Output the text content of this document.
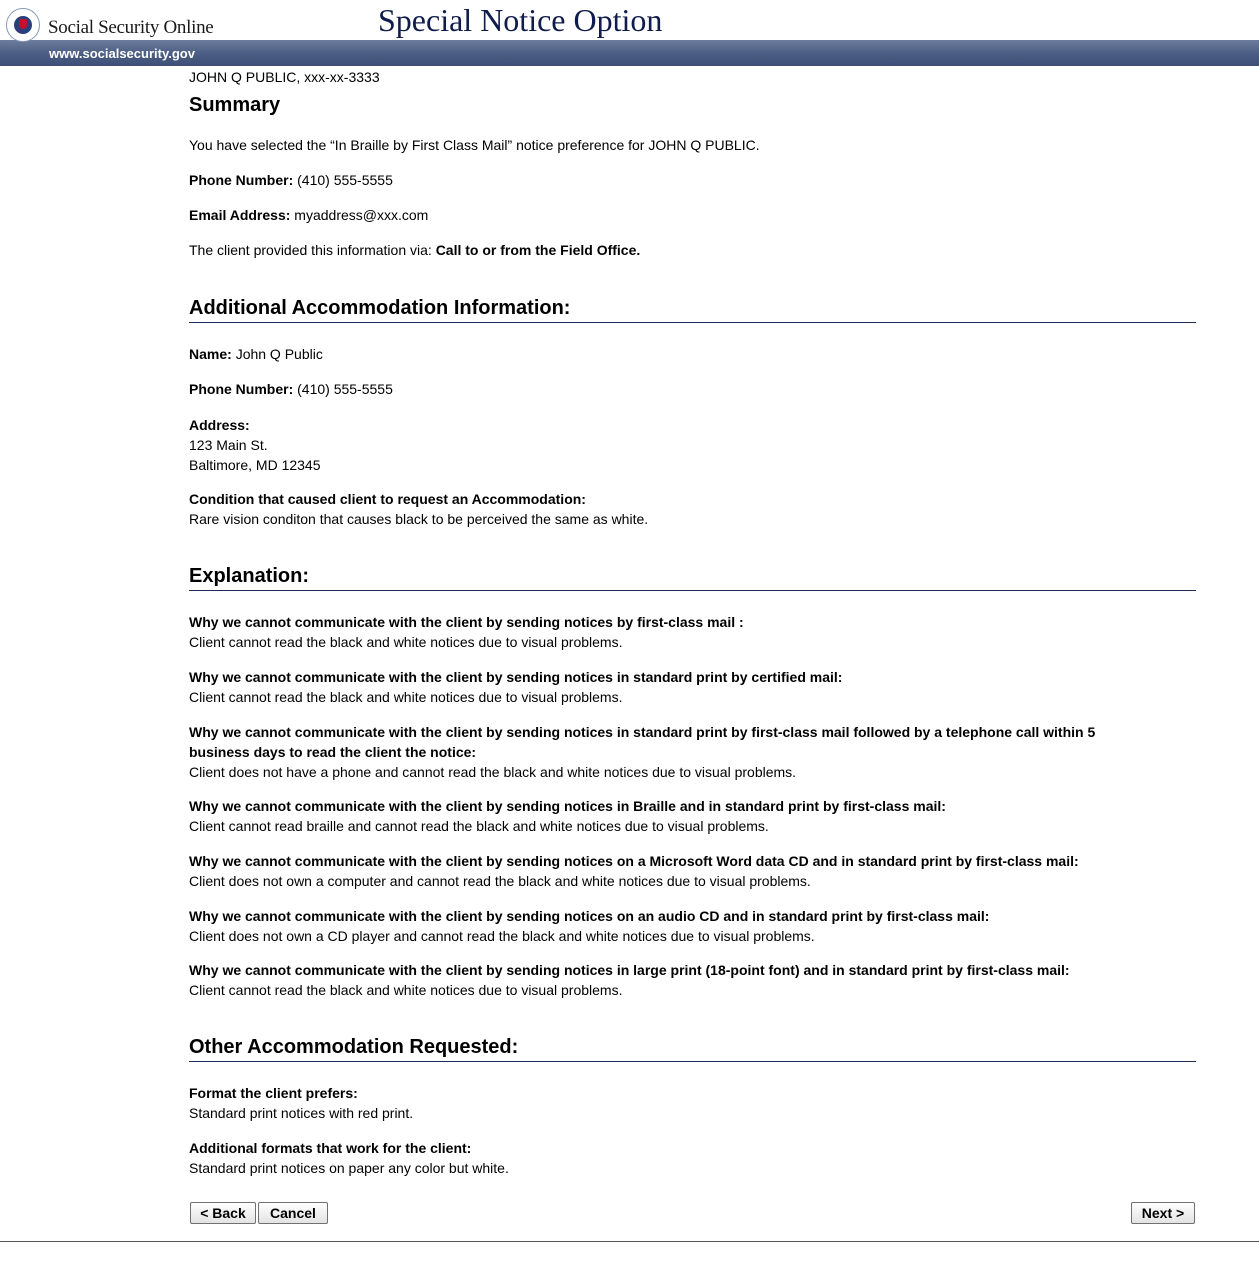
Social Security Online	Special Notice Option
www.socialsecurity.gov
JOHN Q PUBLIC, xxx-xx-3333
Summary
You have selected the “In Braille by First Class Mail” notice preference for JOHN Q PUBLIC.
Phone Number: (410) 555-5555
Email Address: myaddress@xxx.com
The client provided this information via: Call to or from the Field Office.
Additional Accommodation Information:
Name: John Q Public
Phone Number: (410) 555-5555
Address:
123 Main St.
Baltimore, MD 12345
Condition that caused client to request an Accommodation:
Rare vision conditon that causes black to be perceived the same as white.
Explanation:
Why we cannot communicate with the client by sending notices by first-class mail :
Client cannot read the black and white notices due to visual problems.
Why we cannot communicate with the client by sending notices in standard print by certified mail:
Client cannot read the black and white notices due to visual problems.
Why we cannot communicate with the client by sending notices in standard print by first-class mail followed by a telephone call within 5 business days to read the client the notice:
Client does not have a phone and cannot read the black and white notices due to visual problems.
Why we cannot communicate with the client by sending notices in Braille and in standard print by first-class mail:
Client cannot read braille and cannot read the black and white notices due to visual problems.
Why we cannot communicate with the client by sending notices on a Microsoft Word data CD and in standard print by first-class mail:
Client does not own a computer and cannot read the black and white notices due to visual problems.
Why we cannot communicate with the client by sending notices on an audio CD and in standard print by first-class mail:
Client does not own a CD player and cannot read the black and white notices due to visual problems.
Why we cannot communicate with the client by sending notices in large print (18-point font) and in standard print by first-class mail:
Client cannot read the black and white notices due to visual problems.
Other Accommodation Requested:
Format the client prefers:
Standard print notices with red print.
Additional formats that work for the client:
Standard print notices on paper any color but white.
< Back	Cancel	Next >
